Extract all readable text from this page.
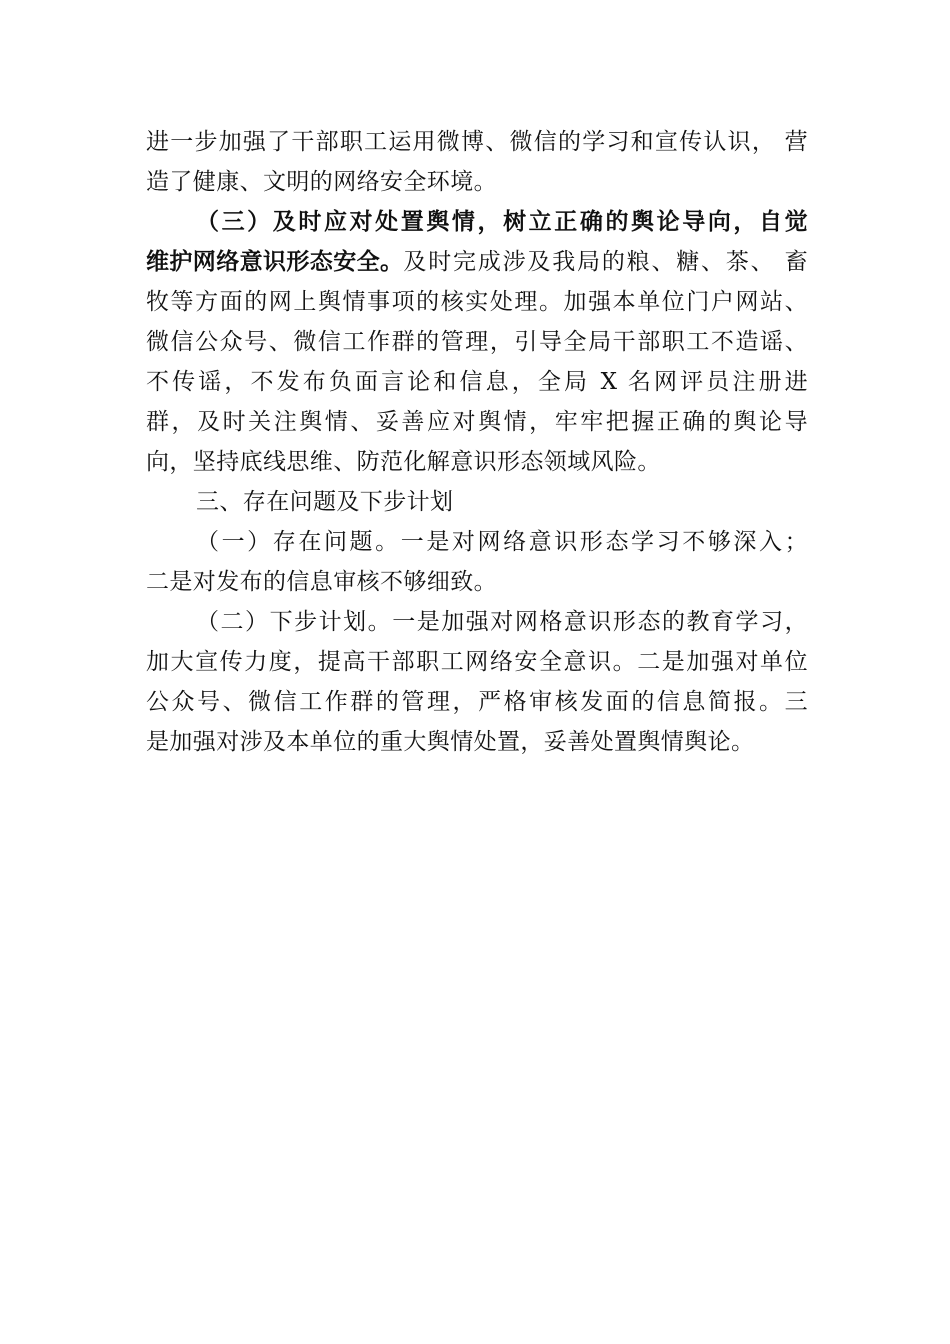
进一步加强了干部职工运用微博、微信的学习和宣传认识， 营

造了健康、文明的网络安全环境。

（三）及时应对处置舆情，树立正确的舆论导向，自觉

维护网络意识形态安全。 及时完成涉及我局的粮、糖、茶、 畜

牧等方面的网上舆情事项的核实处理。加强本单位门户网站、

微信公众号、微信工作群的管理，引导全局干部职工不造谣、

不传谣，不发布负面言论和信息，全局 X 名网评员注册进

群，及时关注舆情、妥善应对舆情，牢牢把握正确的舆论导

向，坚持底线思维、防范化解意识形态领域风险。

三、存在问题及下步计划

（一）存在问题。一是对网络意识形态学习不够深入；

二是对发布的信息审核不够细致。

（二）下步计划。一是加强对网格意识形态的教育学习，

加大宣传力度，提高干部职工网络安全意识。二是加强对单位

公众号、微信工作群的管理，严格审核发面的信息简报。三

是加强对涉及本单位的重大舆情处置，妥善处置舆情舆论。
